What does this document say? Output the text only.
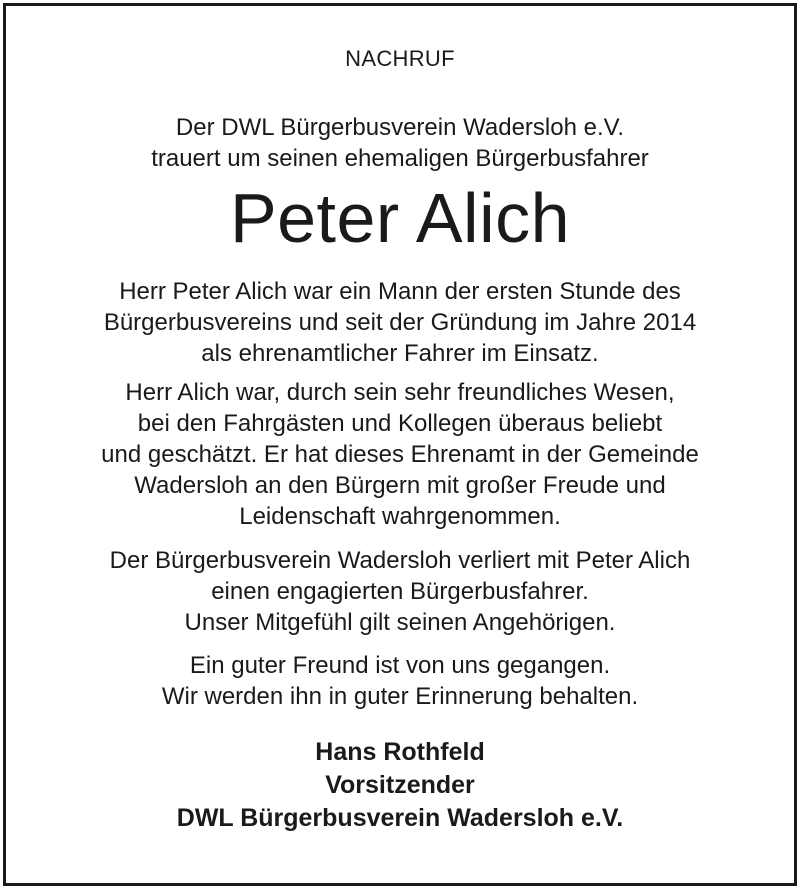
NACHRUF
Der DWL Bürgerbusverein Wadersloh e.V.
trauert um seinen ehemaligen Bürgerbusfahrer
Peter Alich
Herr Peter Alich war ein Mann der ersten Stunde des
Bürgerbusvereins und seit der Gründung im Jahre 2014
als ehrenamtlicher Fahrer im Einsatz.
Herr Alich war, durch sein sehr freundliches Wesen,
bei den Fahrgästen und Kollegen überaus beliebt
und geschätzt. Er hat dieses Ehrenamt in der Gemeinde
Wadersloh an den Bürgern mit großer Freude und
Leidenschaft wahrgenommen.
Der Bürgerbusverein Wadersloh verliert mit Peter Alich
einen engagierten Bürgerbusfahrer.
Unser Mitgefühl gilt seinen Angehörigen.
Ein guter Freund ist von uns gegangen.
Wir werden ihn in guter Erinnerung behalten.
Hans Rothfeld
Vorsitzender
DWL Bürgerbusverein Wadersloh e.V.
